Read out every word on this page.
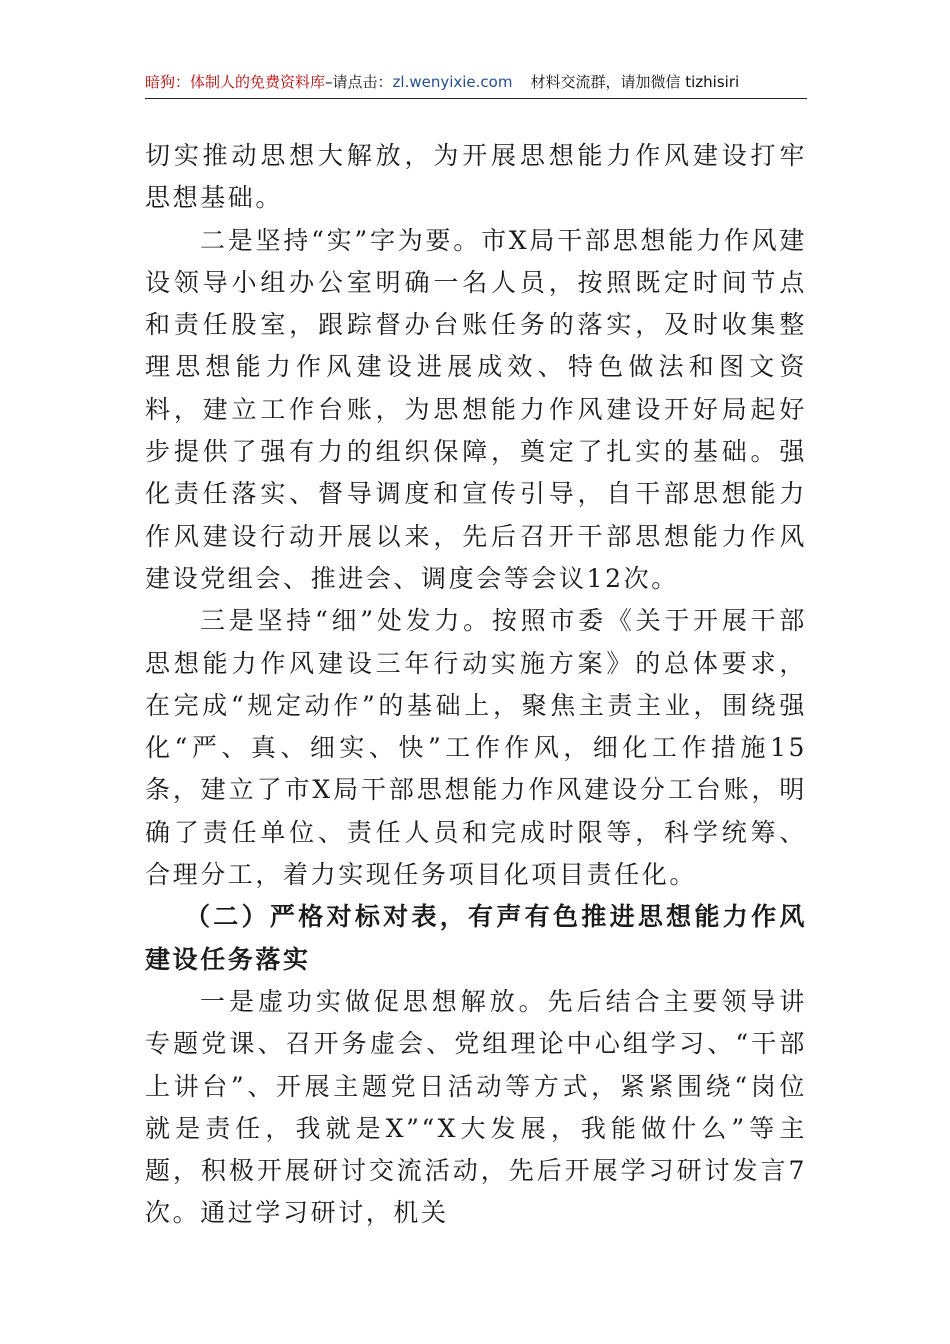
暗狗：体制人的免费资料库–请点击：zl.wenyixie.com 材料交流群，请加微信 tizhisiri

切实推动思想大解放，为开展思想能力作风建设打牢思想基础。

二是坚持“实”字为要。市X局干部思想能力作风建设领导小组办公室明确一名人员，按照既定时间节点和责任股室，跟踪督办台账任务的落实，及时收集整理思想能力作风建设进展成效、特色做法和图文资料，建立工作台账，为思想能力作风建设开好局起好步提供了强有力的组织保障，奠定了扎实的基础。强化责任落实、督导调度和宣传引导，自干部思想能力作风建设行动开展以来，先后召开干部思想能力作风建设党组会、推进会、调度会等会议12次。

三是坚持“细”处发力。按照市委《关于开展干部思想能力作风建设三年行动实施方案》的总体要求，在完成“规定动作”的基础上，聚焦主责主业，围绕强化“严、真、细实、快”工作作风，细化工作措施15条，建立了市X局干部思想能力作风建设分工台账，明确了责任单位、责任人员和完成时限等，科学统筹、合理分工，着力实现任务项目化项目责任化。

（二）严格对标对表，有声有色推进思想能力作风建设任务落实

一是虚功实做促思想解放。先后结合主要领导讲专题党课、召开务虚会、党组理论中心组学习、“干部上讲台”、开展主题党日活动等方式，紧紧围绕“岗位就是责任，我就是X”“X大发展，我能做什么”等主题，积极开展研讨交流活动，先后开展学习研讨发言7次。通过学习研讨，机关
